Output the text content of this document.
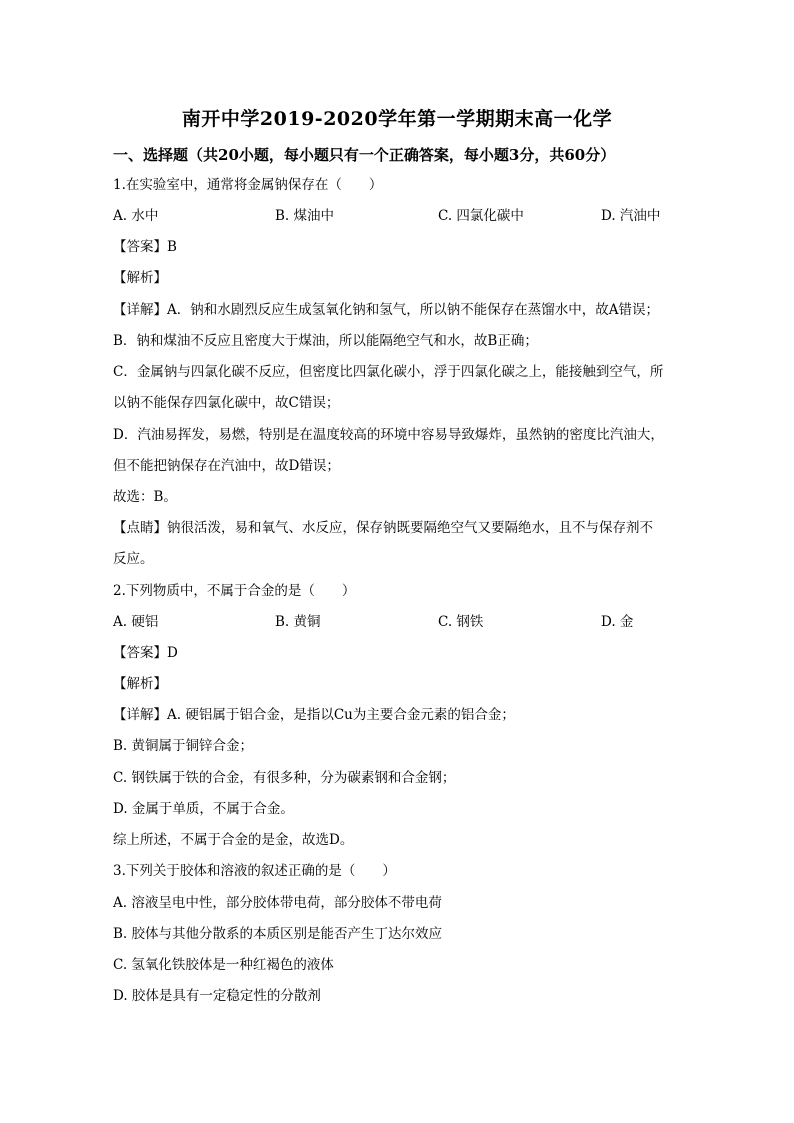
南开中学2019-2020学年第一学期期末高一化学
一、选择题（共20小题，每小题只有一个正确答案，每小题3分，共60分）
1.在实验室中，通常将金属钠保存在（　　）
A. 水中	B. 煤油中	C. 四氯化碳中	D. 汽油中
【答案】B
【解析】
【详解】A．钠和水剧烈反应生成氢氧化钠和氢气，所以钠不能保存在蒸馏水中，故A错误；
B．钠和煤油不反应且密度大于煤油，所以能隔绝空气和水，故B正确；
C．金属钠与四氯化碳不反应，但密度比四氯化碳小，浮于四氯化碳之上，能接触到空气，所
以钠不能保存四氯化碳中，故C错误；
D．汽油易挥发，易燃，特别是在温度较高的环境中容易导致爆炸，虽然钠的密度比汽油大，
但不能把钠保存在汽油中，故D错误；
故选：B。
【点睛】钠很活泼，易和氧气、水反应，保存钠既要隔绝空气又要隔绝水，且不与保存剂不
反应。
2.下列物质中，不属于合金的是（　　）
A. 硬铝	B. 黄铜	C. 钢铁	D. 金
【答案】D
【解析】
【详解】A. 硬铝属于铝合金，是指以Cu为主要合金元素的铝合金；
B. 黄铜属于铜锌合金；
C. 钢铁属于铁的合金，有很多种，分为碳素钢和合金钢；
D. 金属于单质，不属于合金。
综上所述，不属于合金的是金，故选D。
3.下列关于胶体和溶液的叙述正确的是（　　）
A. 溶液呈电中性，部分胶体带电荷，部分胶体不带电荷
B. 胶体与其他分散系的本质区别是能否产生丁达尔效应
C. 氢氧化铁胶体是一种红褐色的液体
D. 胶体是具有一定稳定性的分散剂
